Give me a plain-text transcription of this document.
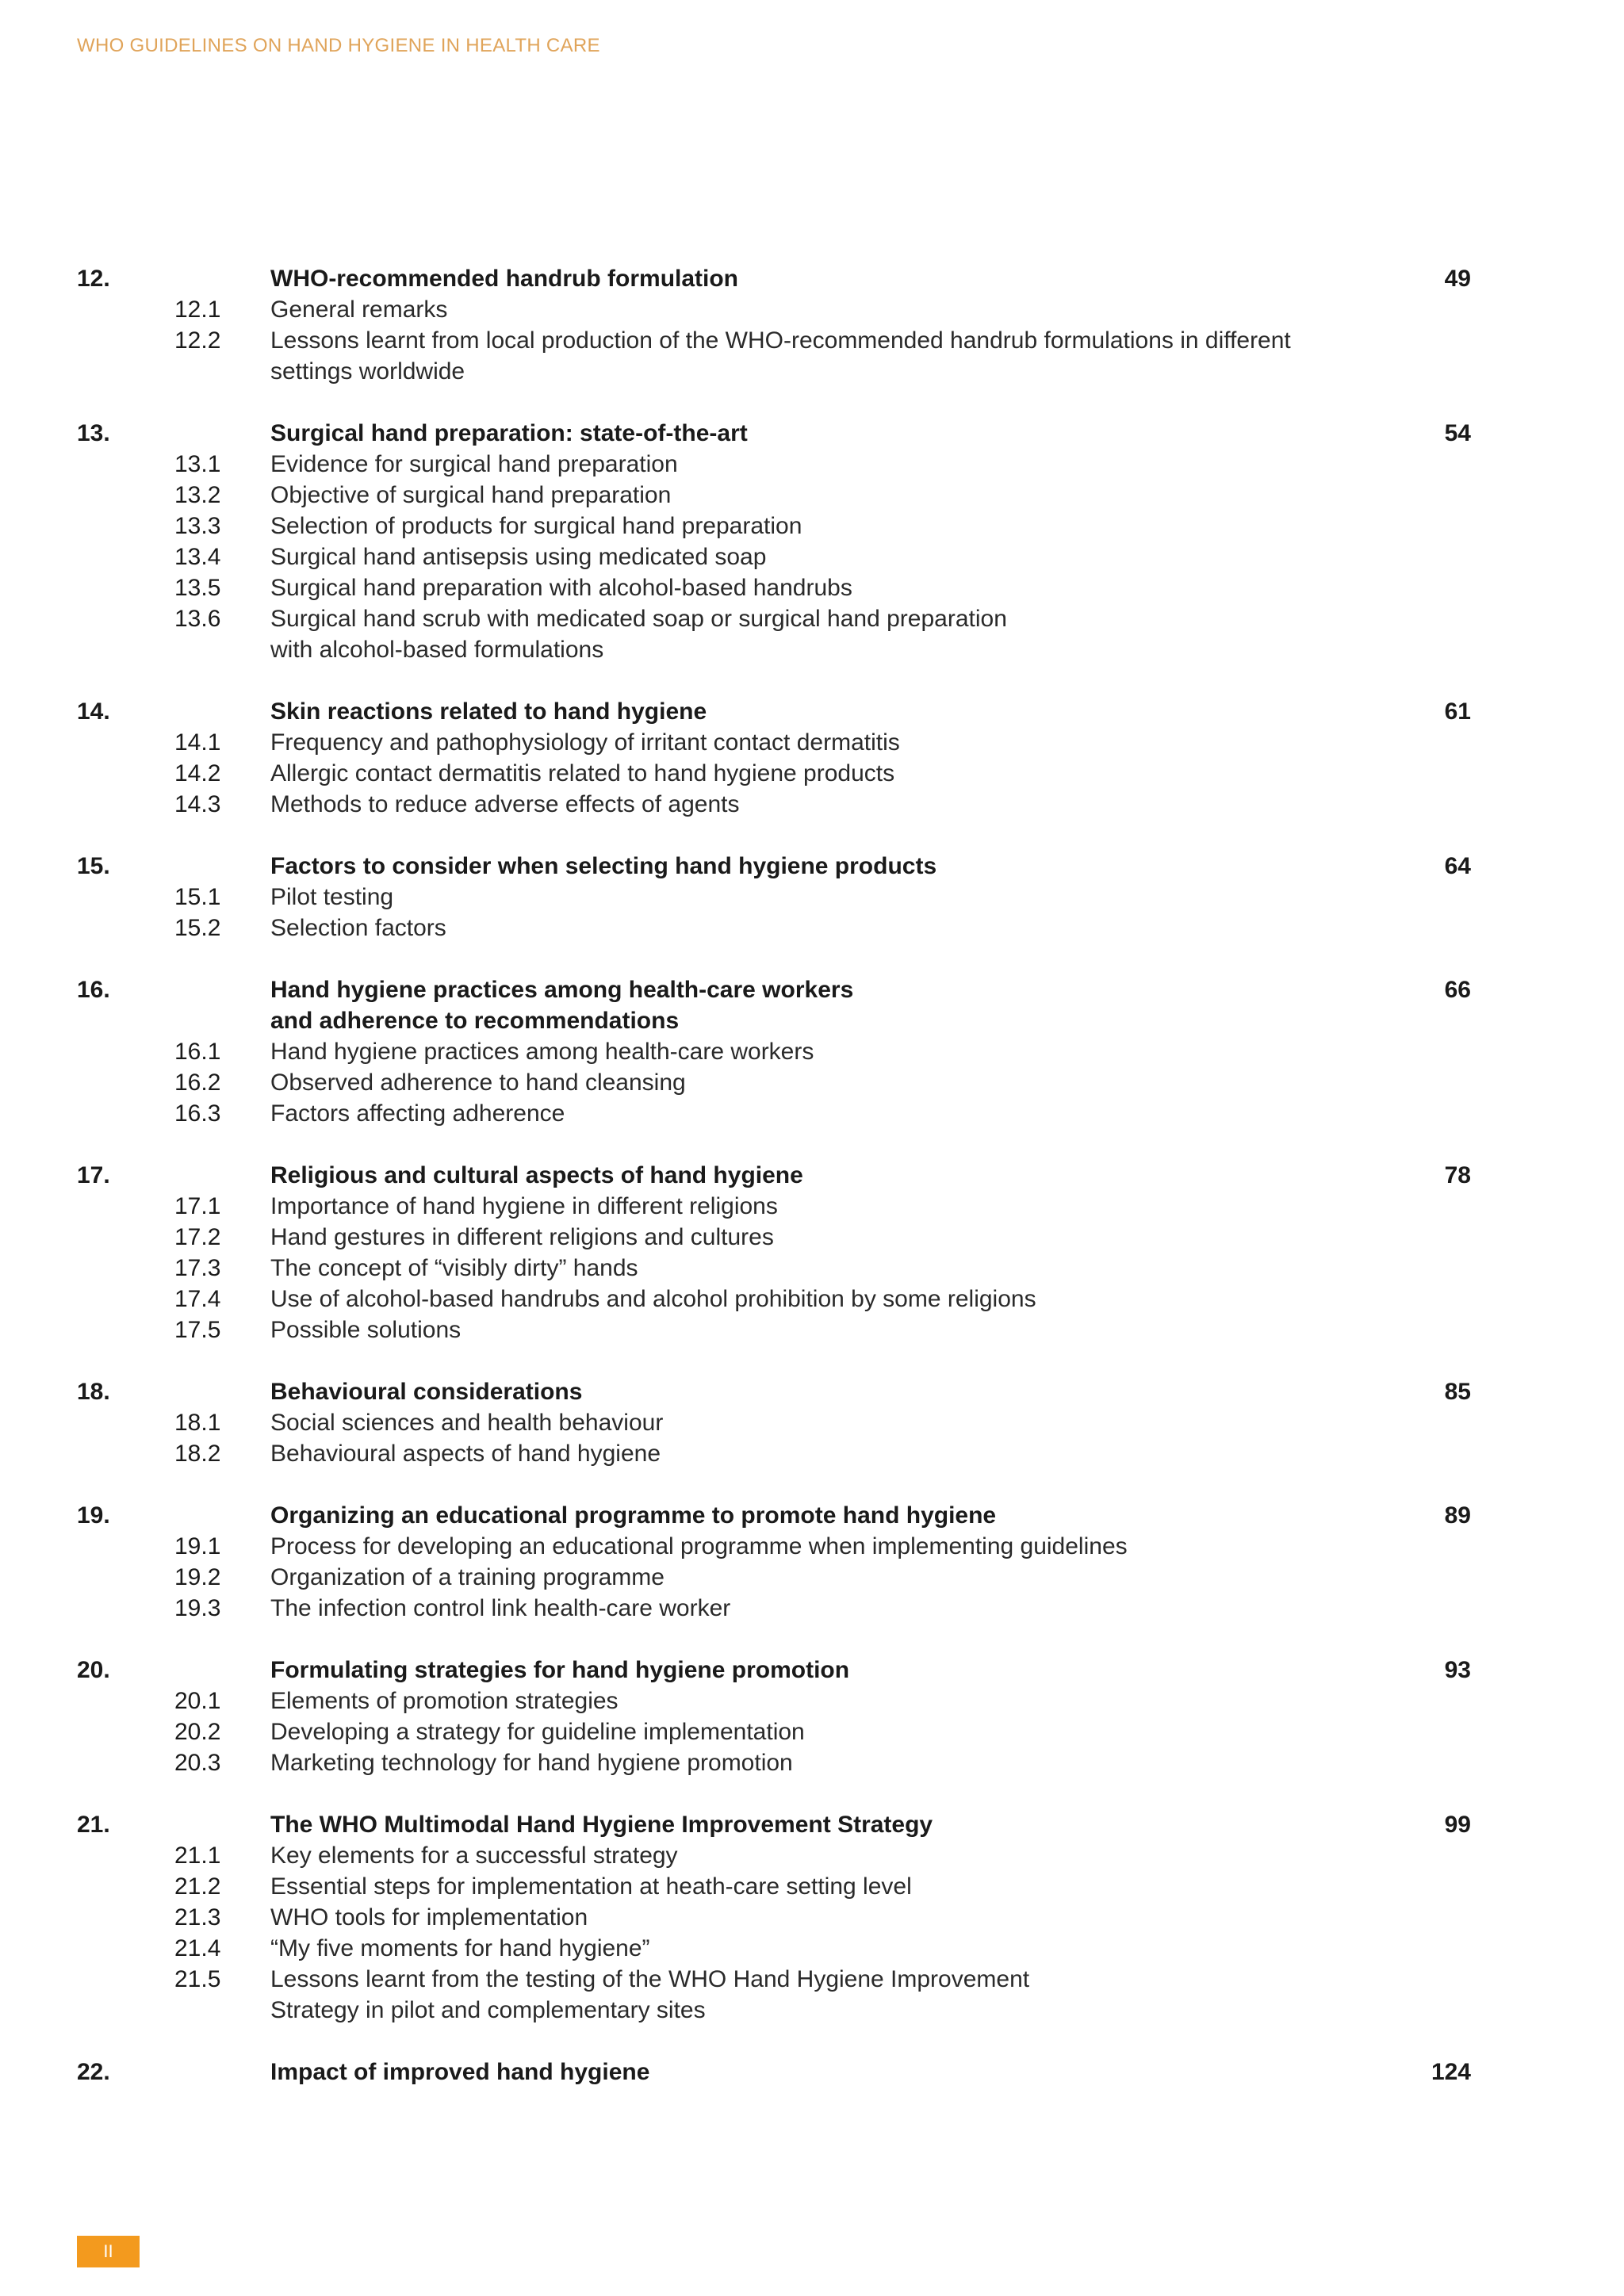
WHO GUIDELINES ON HAND HYGIENE IN HEALTH CARE
12.	WHO-recommended handrub formulation	49
12.1 General remarks
12.2 Lessons learnt from local production of the WHO-recommended handrub formulations in different
settings worldwide
13.	Surgical hand preparation: state-of-the-art	54
13.1 Evidence for surgical hand preparation
13.2 Objective of surgical hand preparation
13.3 Selection of products for surgical hand preparation
13.4 Surgical hand antisepsis using medicated soap
13.5 Surgical hand preparation with alcohol-based handrubs
13.6 Surgical hand scrub with medicated soap or surgical hand preparation
with alcohol-based formulations
14.	Skin reactions related to hand hygiene	61
14.1 Frequency and pathophysiology of irritant contact dermatitis
14.2 Allergic contact dermatitis related to hand hygiene products
14.3 Methods to reduce adverse effects of agents
15.	Factors to consider when selecting hand hygiene products	64
15.1 Pilot testing
15.2 Selection factors
16.	Hand hygiene practices among health-care workers	66
and adherence to recommendations
16.1 Hand hygiene practices among health-care workers
16.2 Observed adherence to hand cleansing
16.3 Factors affecting adherence
17.	Religious and cultural aspects of hand hygiene	78
17.1 Importance of hand hygiene in different religions
17.2 Hand gestures in different religions and cultures
17.3 The concept of “visibly dirty” hands
17.4 Use of alcohol-based handrubs and alcohol prohibition by some religions
17.5 Possible solutions
18.	Behavioural considerations	85
18.1 Social sciences and health behaviour
18.2 Behavioural aspects of hand hygiene
19.	Organizing an educational programme to promote hand hygiene	89
19.1 Process for developing an educational programme when implementing guidelines
19.2 Organization of a training programme
19.3 The infection control link health-care worker
20.	Formulating strategies for hand hygiene promotion	93
20.1 Elements of promotion strategies
20.2 Developing a strategy for guideline implementation
20.3 Marketing technology for hand hygiene promotion
21.	The WHO Multimodal Hand Hygiene Improvement Strategy	99
21.1 Key elements for a successful strategy
21.2 Essential steps for implementation at heath-care setting level
21.3 WHO tools for implementation
21.4 “My five moments for hand hygiene”
21.5 Lessons learnt from the testing of the WHO Hand Hygiene Improvement
Strategy in pilot and complementary sites
22.	Impact of improved hand hygiene	124
II
